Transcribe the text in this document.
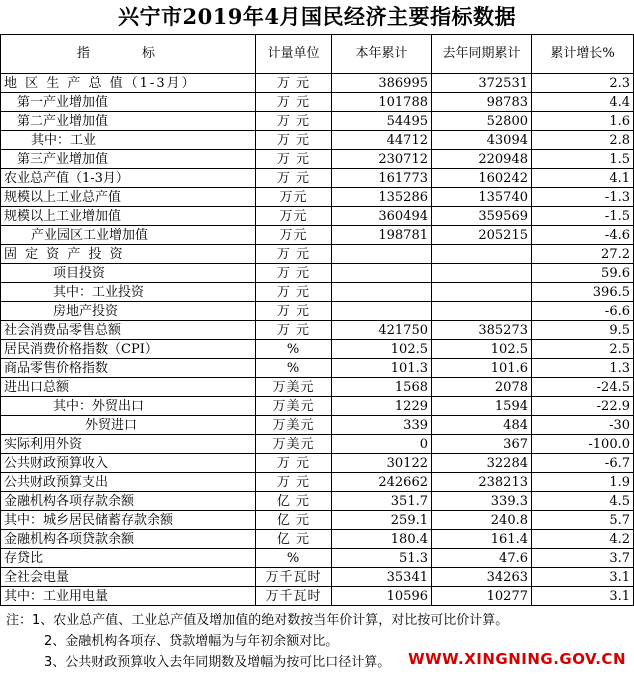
兴宁市2019年4月国民经济主要指标数据
指 标	计量单位	本年累计	去年同期累计	累计增长%
地 区 生 产 总 值（1-3月）	万 元	386995	372531	2.3
第一产业增加值	万 元	101788	98783	4.4
第二产业增加值	万 元	54495	52800	1.6
其中：工业	万 元	44712	43094	2.8
第三产业增加值	万 元	230712	220948	1.5
农业总产值（1-3月）	万 元	161773	160242	4.1
规模以上工业总产值	万元	135286	135740	-1.3
规模以上工业增加值	万元	360494	359569	-1.5
产业园区工业增加值	万元	198781	205215	-4.6
固 定 资 产 投 资	万 元			27.2
项目投资	万 元			59.6
其中：工业投资	万 元			396.5
房地产投资	万 元			-6.6
社会消费品零售总额	万 元	421750	385273	9.5
居民消费价格指数（CPI）	%	102.5	102.5	2.5
商品零售价格指数	%	101.3	101.6	1.3
进出口总额	万美元	1568	2078	-24.5
其中：外贸出口	万美元	1229	1594	-22.9
外贸进口	万美元	339	484	-30
实际利用外资	万美元	0	367	-100.0
公共财政预算收入	万 元	30122	32284	-6.7
公共财政预算支出	万 元	242662	238213	1.9
金融机构各项存款余额	亿 元	351.7	339.3	4.5
其中：城乡居民储蓄存款余额	亿 元	259.1	240.8	5.7
金融机构各项贷款余额	亿 元	180.4	161.4	4.2
存贷比	%	51.3	47.6	3.7
全社会电量	万千瓦时	35341	34263	3.1
其中：工业用电量	万千瓦时	10596	10277	3.1
注：1、农业总产值、工业总产值及增加值的绝对数按当年价计算，对比按可比价计算。
2、金融机构各项存、贷款增幅为与年初余额对比。
3、公共财政预算收入去年同期数及增幅为按可比口径计算。	WWW.XINGNING.GOV.CN
